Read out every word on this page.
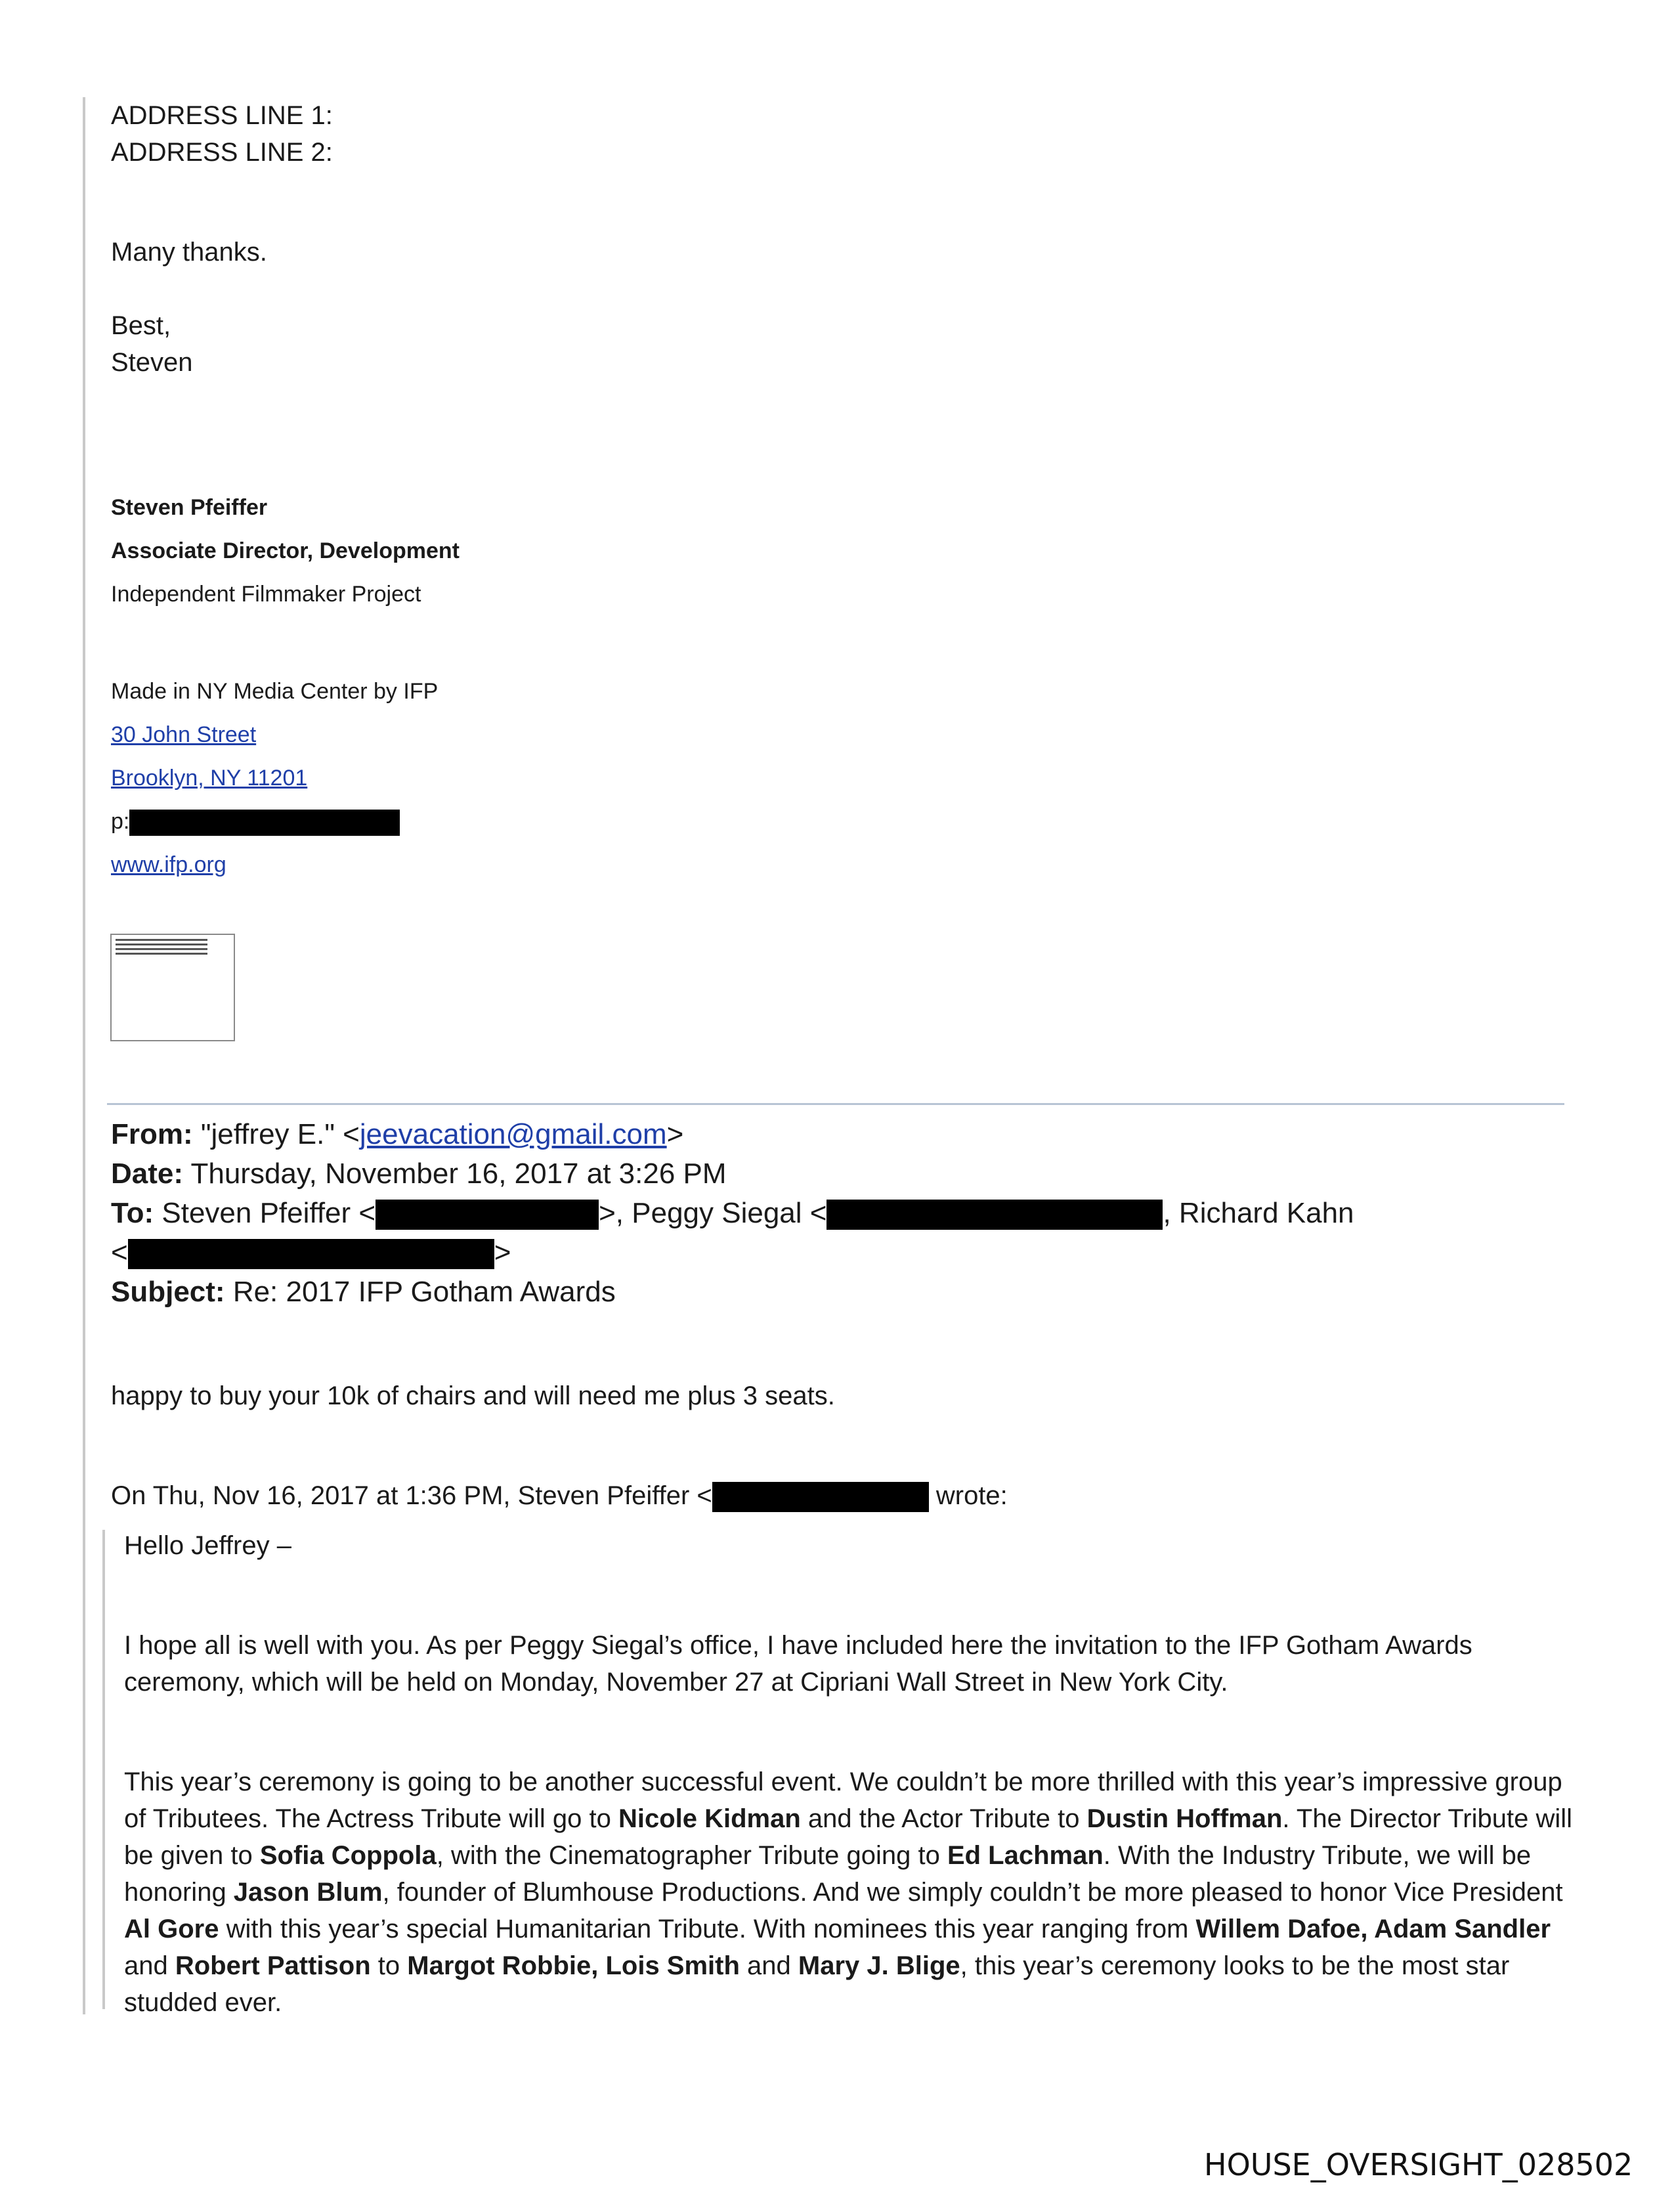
ADDRESS LINE 1:
ADDRESS LINE 2:
Many thanks.
Best,
Steven
Steven Pfeiffer
Associate Director, Development
Independent Filmmaker Project
Made in NY Media Center by IFP
30 John Street
Brooklyn, NY 11201
p:
www.ifp.org
From: "jeffrey E." <jeevacation@gmail.com>
Date: Thursday, November 16, 2017 at 3:26 PM
To: Steven Pfeiffer <	>, Peggy Siegal <	, Richard Kahn
<	>
Subject: Re: 2017 IFP Gotham Awards
happy to buy your 10k of chairs and will need me plus 3 seats.
On Thu, Nov 16, 2017 at 1:36 PM, Steven Pfeiffer <	wrote:
Hello Jeffrey –
I hope all is well with you. As per Peggy Siegal’s office, I have included here the invitation to the IFP Gotham Awards ceremony, which will be held on Monday, November 27 at Cipriani Wall Street in New York City.
This year’s ceremony is going to be another successful event. We couldn’t be more thrilled with this year’s impressive group of Tributees. The Actress Tribute will go to Nicole Kidman and the Actor Tribute to Dustin Hoffman. The Director Tribute will be given to Sofia Coppola, with the Cinematographer Tribute going to Ed Lachman. With the Industry Tribute, we will be honoring Jason Blum, founder of Blumhouse Productions. And we simply couldn’t be more pleased to honor Vice President Al Gore with this year’s special Humanitarian Tribute. With nominees this year ranging from Willem Dafoe, Adam Sandler and Robert Pattison to Margot Robbie, Lois Smith and Mary J. Blige, this year’s ceremony looks to be the most star studded ever.
HOUSE_OVERSIGHT_028502
